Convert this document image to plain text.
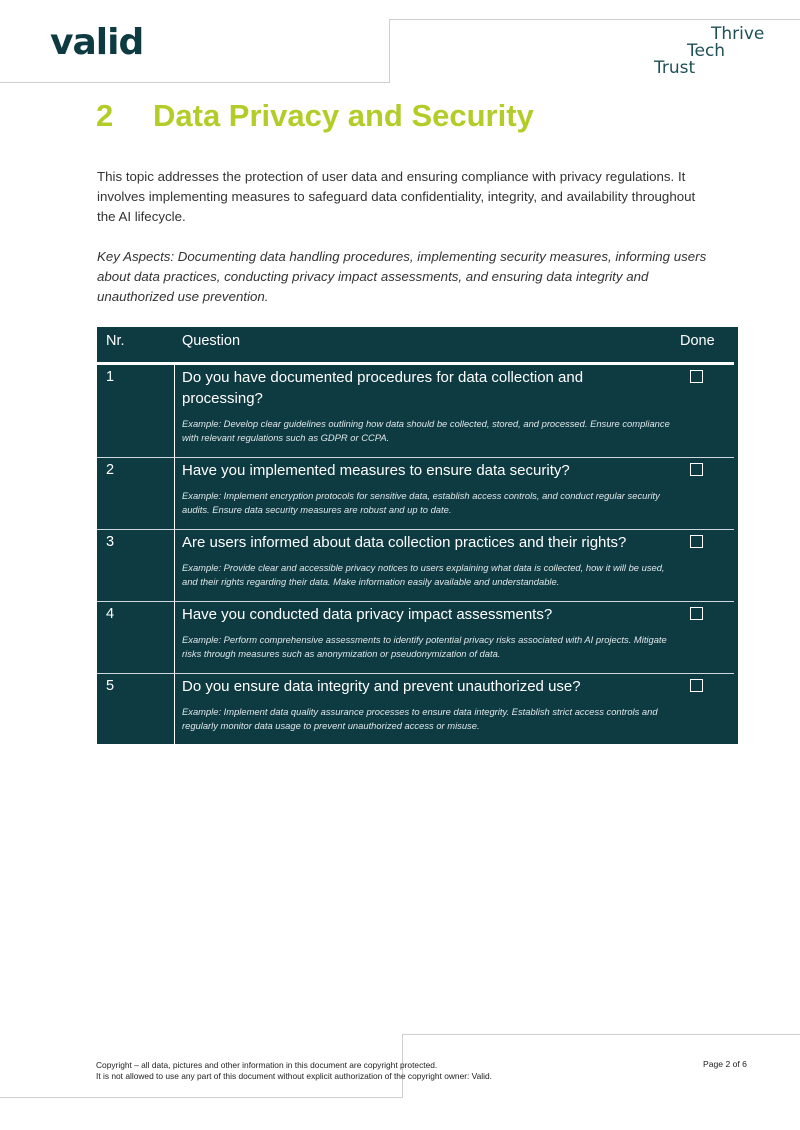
valid	Thrive
Tech
Trust
2 Data Privacy and Security
This topic addresses the protection of user data and ensuring compliance with privacy regulations. It involves implementing measures to safeguard data confidentiality, integrity, and availability throughout the AI lifecycle.
Key Aspects: Documenting data handling procedures, implementing security measures, informing users about data practices, conducting privacy impact assessments, and ensuring data integrity and unauthorized use prevention.
Nr.	Question	Done
1	Do you have documented procedures for data collection and processing?
Example: Develop clear guidelines outlining how data should be collected, stored, and processed. Ensure compliance with relevant regulations such as GDPR or CCPA.
2	Have you implemented measures to ensure data security?
Example: Implement encryption protocols for sensitive data, establish access controls, and conduct regular security audits. Ensure data security measures are robust and up to date.
3	Are users informed about data collection practices and their rights?
Example: Provide clear and accessible privacy notices to users explaining what data is collected, how it will be used, and their rights regarding their data. Make information easily available and understandable.
4	Have you conducted data privacy impact assessments?
Example: Perform comprehensive assessments to identify potential privacy risks associated with AI projects. Mitigate risks through measures such as anonymization or pseudonymization of data.
5	Do you ensure data integrity and prevent unauthorized use?
Example: Implement data quality assurance processes to ensure data integrity. Establish strict access controls and regularly monitor data usage to prevent unauthorized access or misuse.
Copyright – all data, pictures and other information in this document are copyright protected.
It is not allowed to use any part of this document without explicit authorization of the copyright owner: Valid.
Page 2 of 6
